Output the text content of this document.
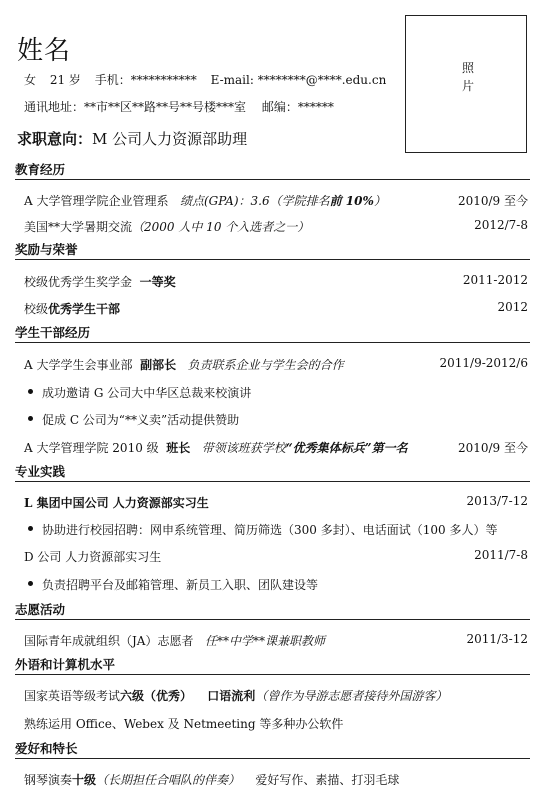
姓名
女 21 岁 手机：*********** E-mail: ********@****.edu.cn
通讯地址：**市**区**路**号**号楼***室 邮编：******
照片
求职意向：M 公司人力资源部助理
教育经历
A 大学管理学院企业管理系 绩点(GPA)：3.6（学院排名前 10%）	2010/9 至今
美国**大学暑期交流（2000 人中 10 个入选者之一）	2012/7-8
奖励与荣誉
校级优秀学生奖学金 一等奖	2011-2012
校级优秀学生干部	2012
学生干部经历
A 大学学生会事业部 副部长 负责联系企业与学生会的合作	2011/9-2012/6
成功邀请 G 公司大中华区总裁来校演讲
促成 C 公司为“**义卖”活动提供赞助
A 大学管理学院 2010 级 班长 带领该班获学校“优秀集体标兵”第一名	2010/9 至今
专业实践
L 集团中国公司 人力资源部实习生	2013/7-12
协助进行校园招聘：网申系统管理、简历筛选（300 多封）、电话面试（100 多人）等
D 公司 人力资源部实习生	2011/7-8
负责招聘平台及邮箱管理、新员工入职、团队建设等
志愿活动
国际青年成就组织（JA）志愿者 任**中学**课兼职教师	2011/3-12
外语和计算机水平
国家英语等级考试六级（优秀） 口语流利（曾作为导游志愿者接待外国游客）
熟练运用 Office、Webex 及 Netmeeting 等多种办公软件
爱好和特长
钢琴演奏十级（长期担任合唱队的伴奏） 爱好写作、素描、打羽毛球
